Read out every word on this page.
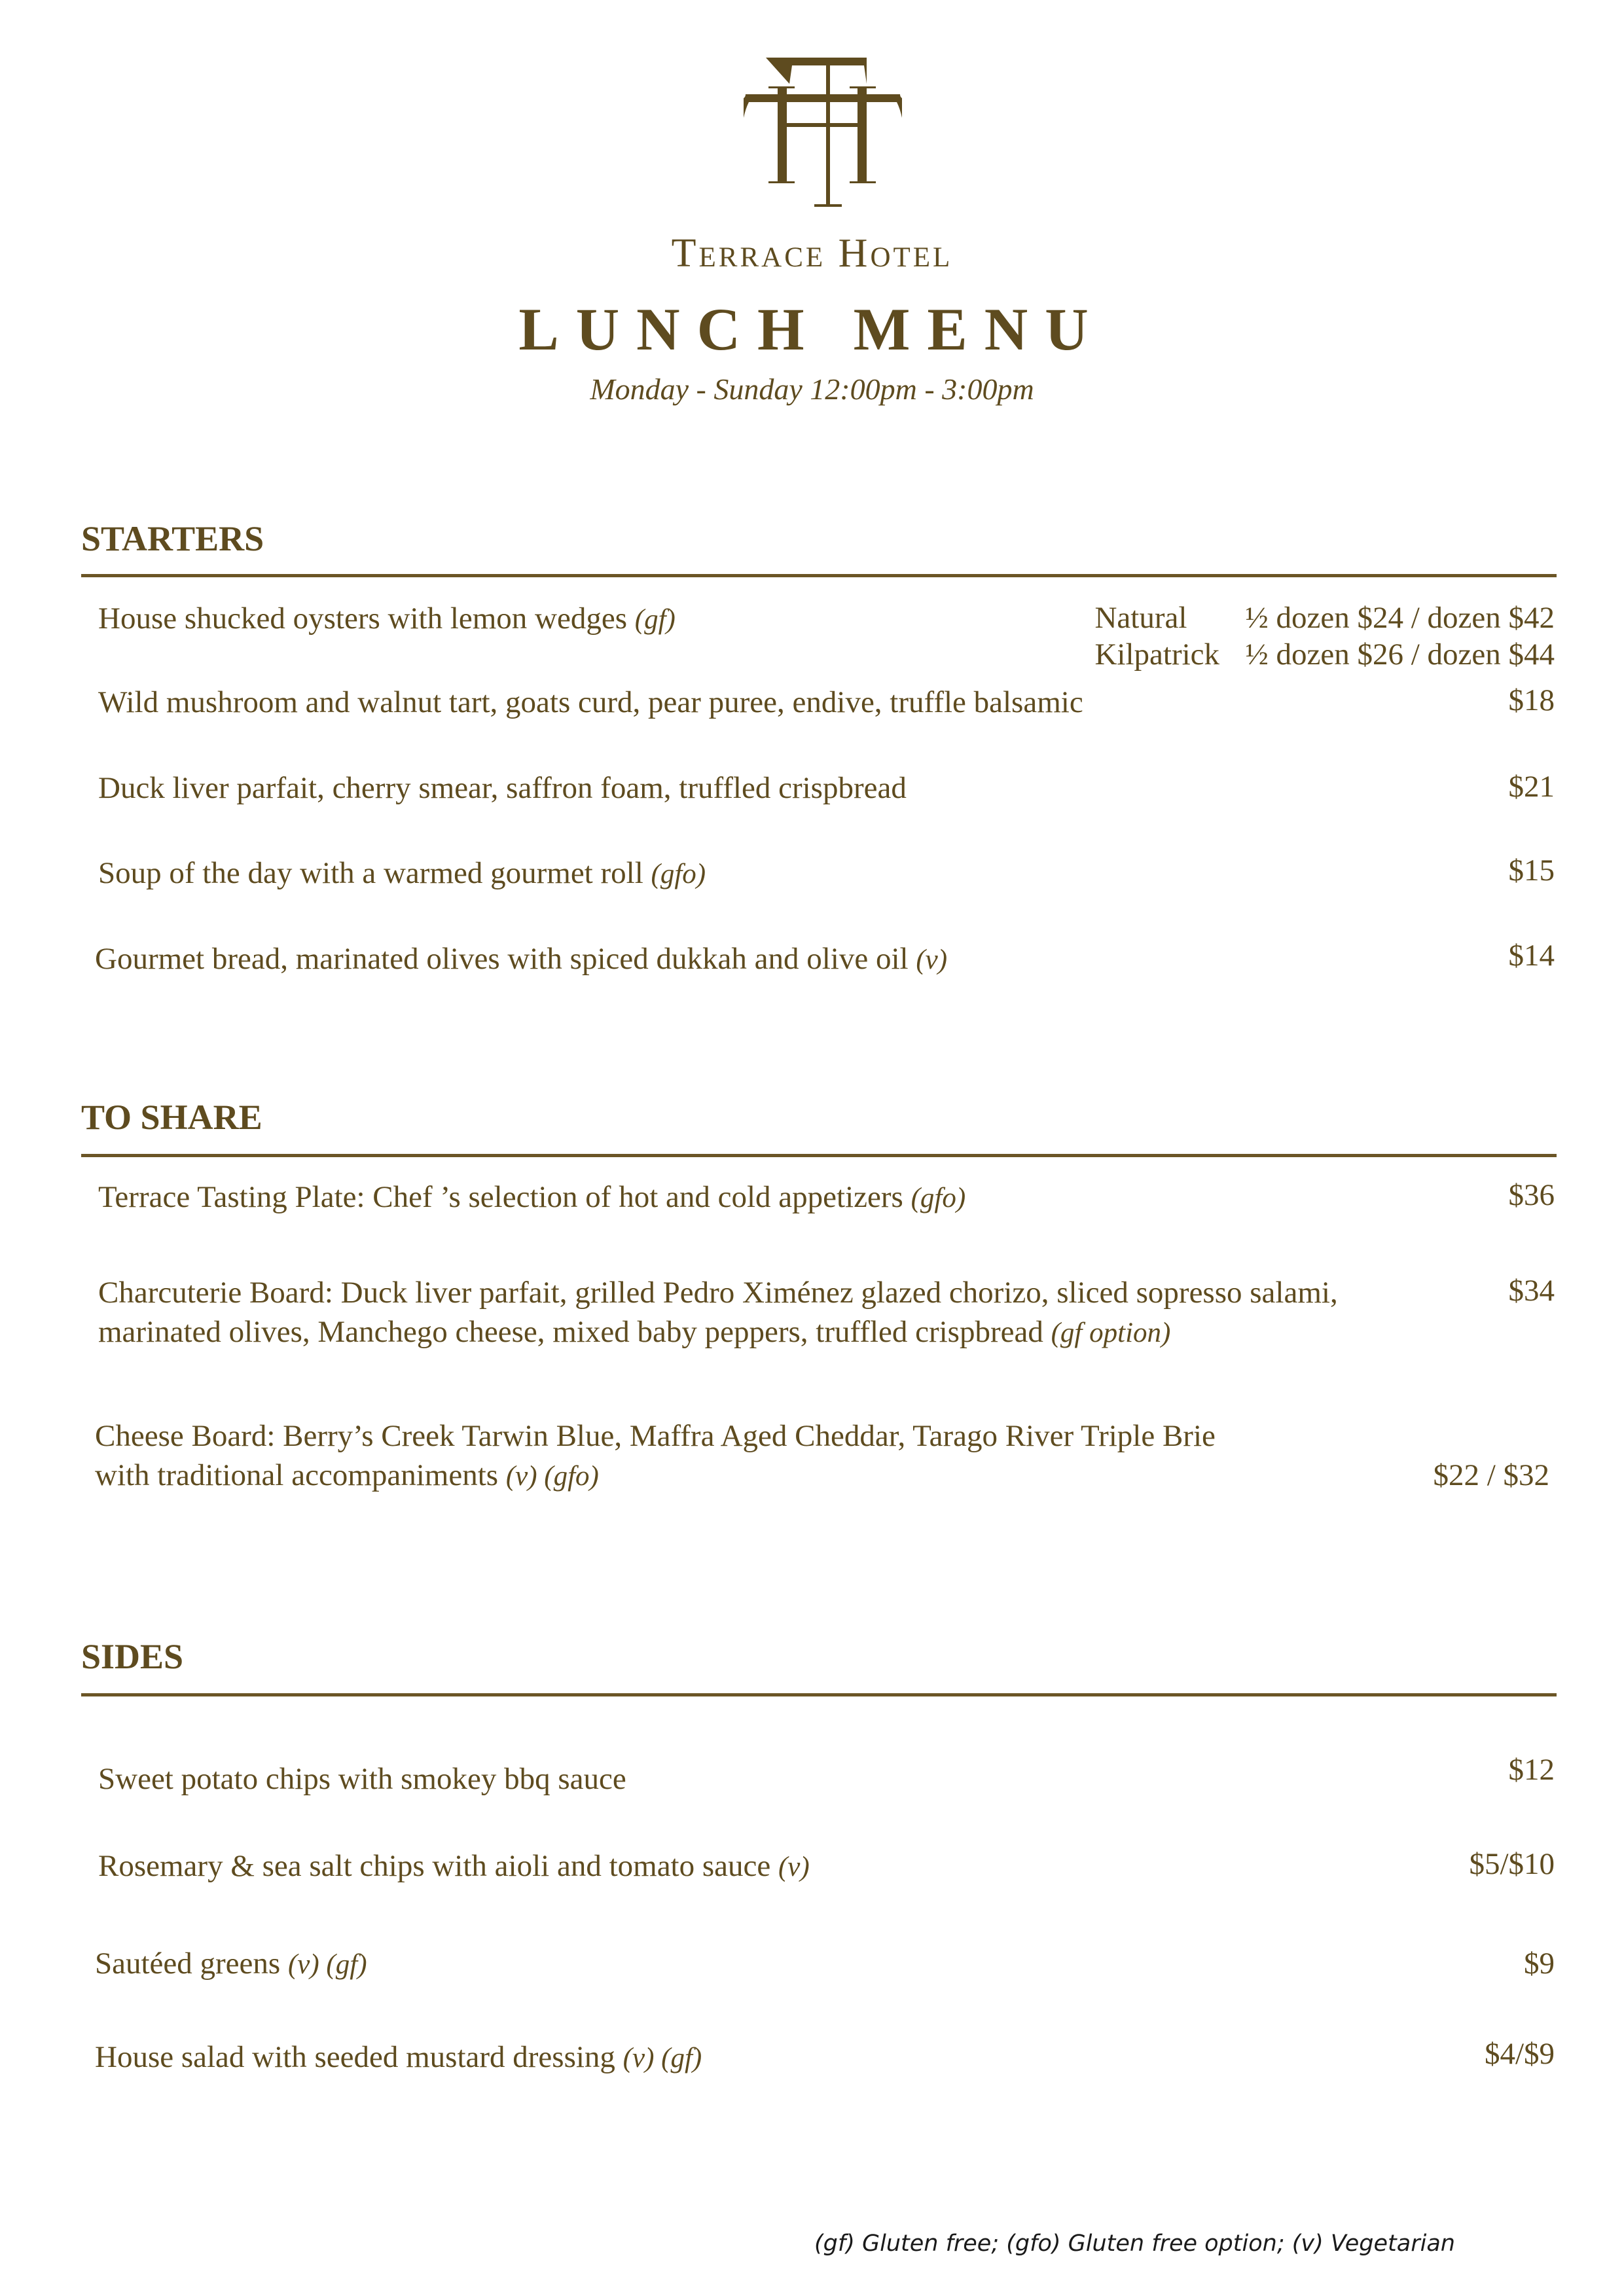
Terrace Hotel
LUNCH MENU
Monday - Sunday 12:00pm - 3:00pm
STARTERS
House shucked oysters with lemon wedges (gf)	Natural ½ dozen $24 / dozen $42
Kilpatrick ½ dozen $26 / dozen $44
Wild mushroom and walnut tart, goats curd, pear puree, endive, truffle balsamic	$18
Duck liver parfait, cherry smear, saffron foam, truffled crispbread	$21
Soup of the day with a warmed gourmet roll (gfo)	$15
Gourmet bread, marinated olives with spiced dukkah and olive oil (v)	$14
TO SHARE
Terrace Tasting Plate: Chef ’s selection of hot and cold appetizers (gfo)	$36
Charcuterie Board: Duck liver parfait, grilled Pedro Ximénez glazed chorizo, sliced sopresso salami,
marinated olives, Manchego cheese, mixed baby peppers, truffled crispbread (gf option)
$34
Cheese Board: Berry’s Creek Tarwin Blue, Maffra Aged Cheddar, Tarago River Triple Brie
with traditional accompaniments (v) (gfo)	$22 / $32
SIDES
Sweet potato chips with smokey bbq sauce	$12
Rosemary & sea salt chips with aioli and tomato sauce (v)	$5/$10
Sautéed greens (v) (gf)	$9
House salad with seeded mustard dressing (v) (gf)	$4/$9
(gf) Gluten free; (gfo) Gluten free option; (v) Vegetarian
